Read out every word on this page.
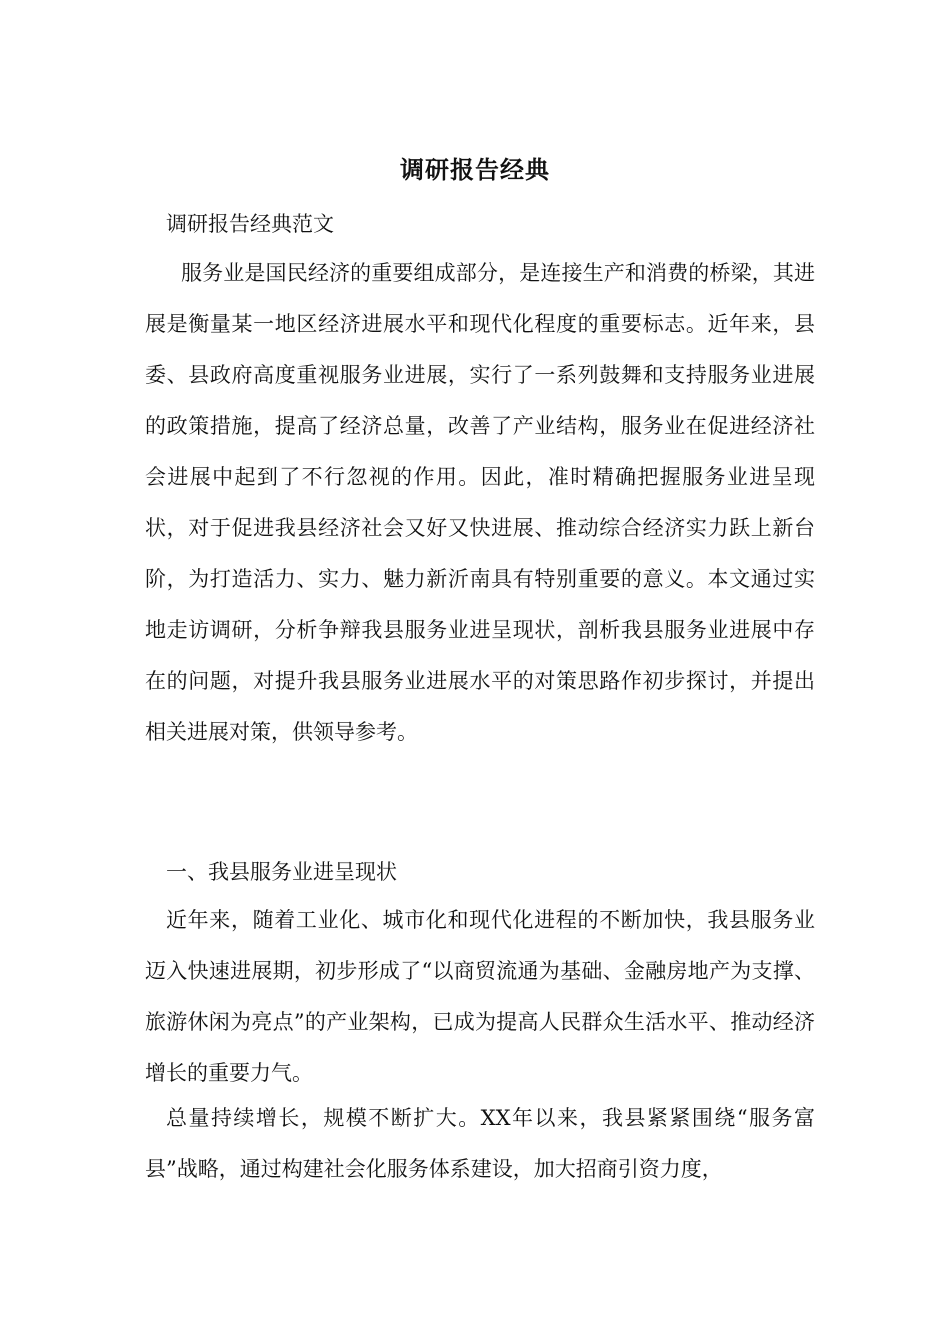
调研报告经典
调研报告经典范文
服务业是国民经济的重要组成部分，是连接生产和消费的桥梁，其进展是衡量某一地区经济进展水平和现代化程度的重要标志。近年来，县委、县政府高度重视服务业进展，实行了一系列鼓舞和支持服务业进展的政策措施，提高了经济总量，改善了产业结构，服务业在促进经济社会进展中起到了不行忽视的作用。因此，准时精确把握服务业进呈现状，对于促进我县经济社会又好又快进展、推动综合经济实力跃上新台阶，为打造活力、实力、魅力新沂南具有特别重要的意义。本文通过实地走访调研，分析争辩我县服务业进呈现状，剖析我县服务业进展中存在的问题，对提升我县服务业进展水平的对策思路作初步探讨，并提出相关进展对策，供领导参考。
一、我县服务业进呈现状
近年来，随着工业化、城市化和现代化进程的不断加快，我县服务业迈入快速进展期，初步形成了“以商贸流通为基础、金融房地产为支撑、旅游休闲为亮点”的产业架构，已成为提高人民群众生活水平、推动经济增长的重要力气。
总量持续增长，规模不断扩大。XX年以来，我县紧紧围绕“服务富县”战略，通过构建社会化服务体系建设，加大招商引资力度，
